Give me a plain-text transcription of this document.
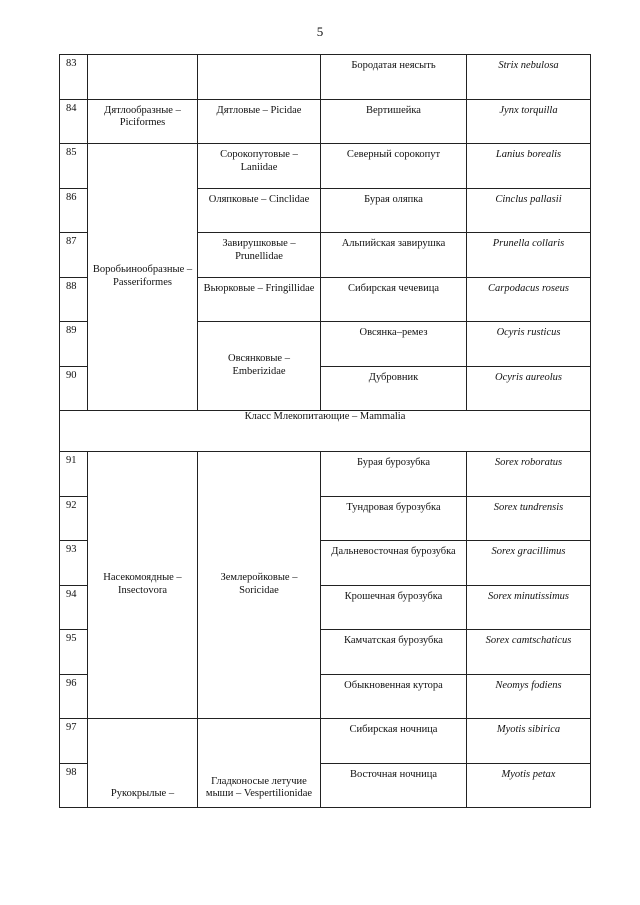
5
83			Бородатая неясыть	Strix nebulosa
84	Дятлообразные – Piciformes	Дятловые – Picidae	Вертишейка	Jynx torquilla
85	Воробьинообразные – Passeriformes	Сорокопутовые – Laniidae	Северный сорокопут	Lanius borealis
86		Оляпковые – Cinclidae	Бурая оляпка	Cinclus pallasii
87		Завирушковые – Prunellidae	Альпийская завирушка	Prunella collaris
88		Вьюрковые – Fringillidae	Сибирская чечевица	Carpodacus roseus
89		Овсянковые – Emberizidae	Овсянка–ремез	Ocyris rusticus
90			Дубровник	Ocyris aureolus
Класс Млекопитающие – Mammalia				
91	Насекомоядные – Insectovora	Землеройковые – Soricidae	Бурая бурозубка	Sorex roboratus
92			Тундровая бурозубка	Sorex tundrensis
93			Дальневосточная бурозубка	Sorex gracillimus
94			Крошечная бурозубка	Sorex minutissimus
95			Камчатская бурозубка	Sorex camtschaticus
96			Обыкновенная кутора	Neomys fodiens
97	Рукокрылые –	Гладконосые летучие мыши – Vespertilionidae	Сибирская ночница	Myotis sibirica
98			Восточная ночница	Myotis petax
